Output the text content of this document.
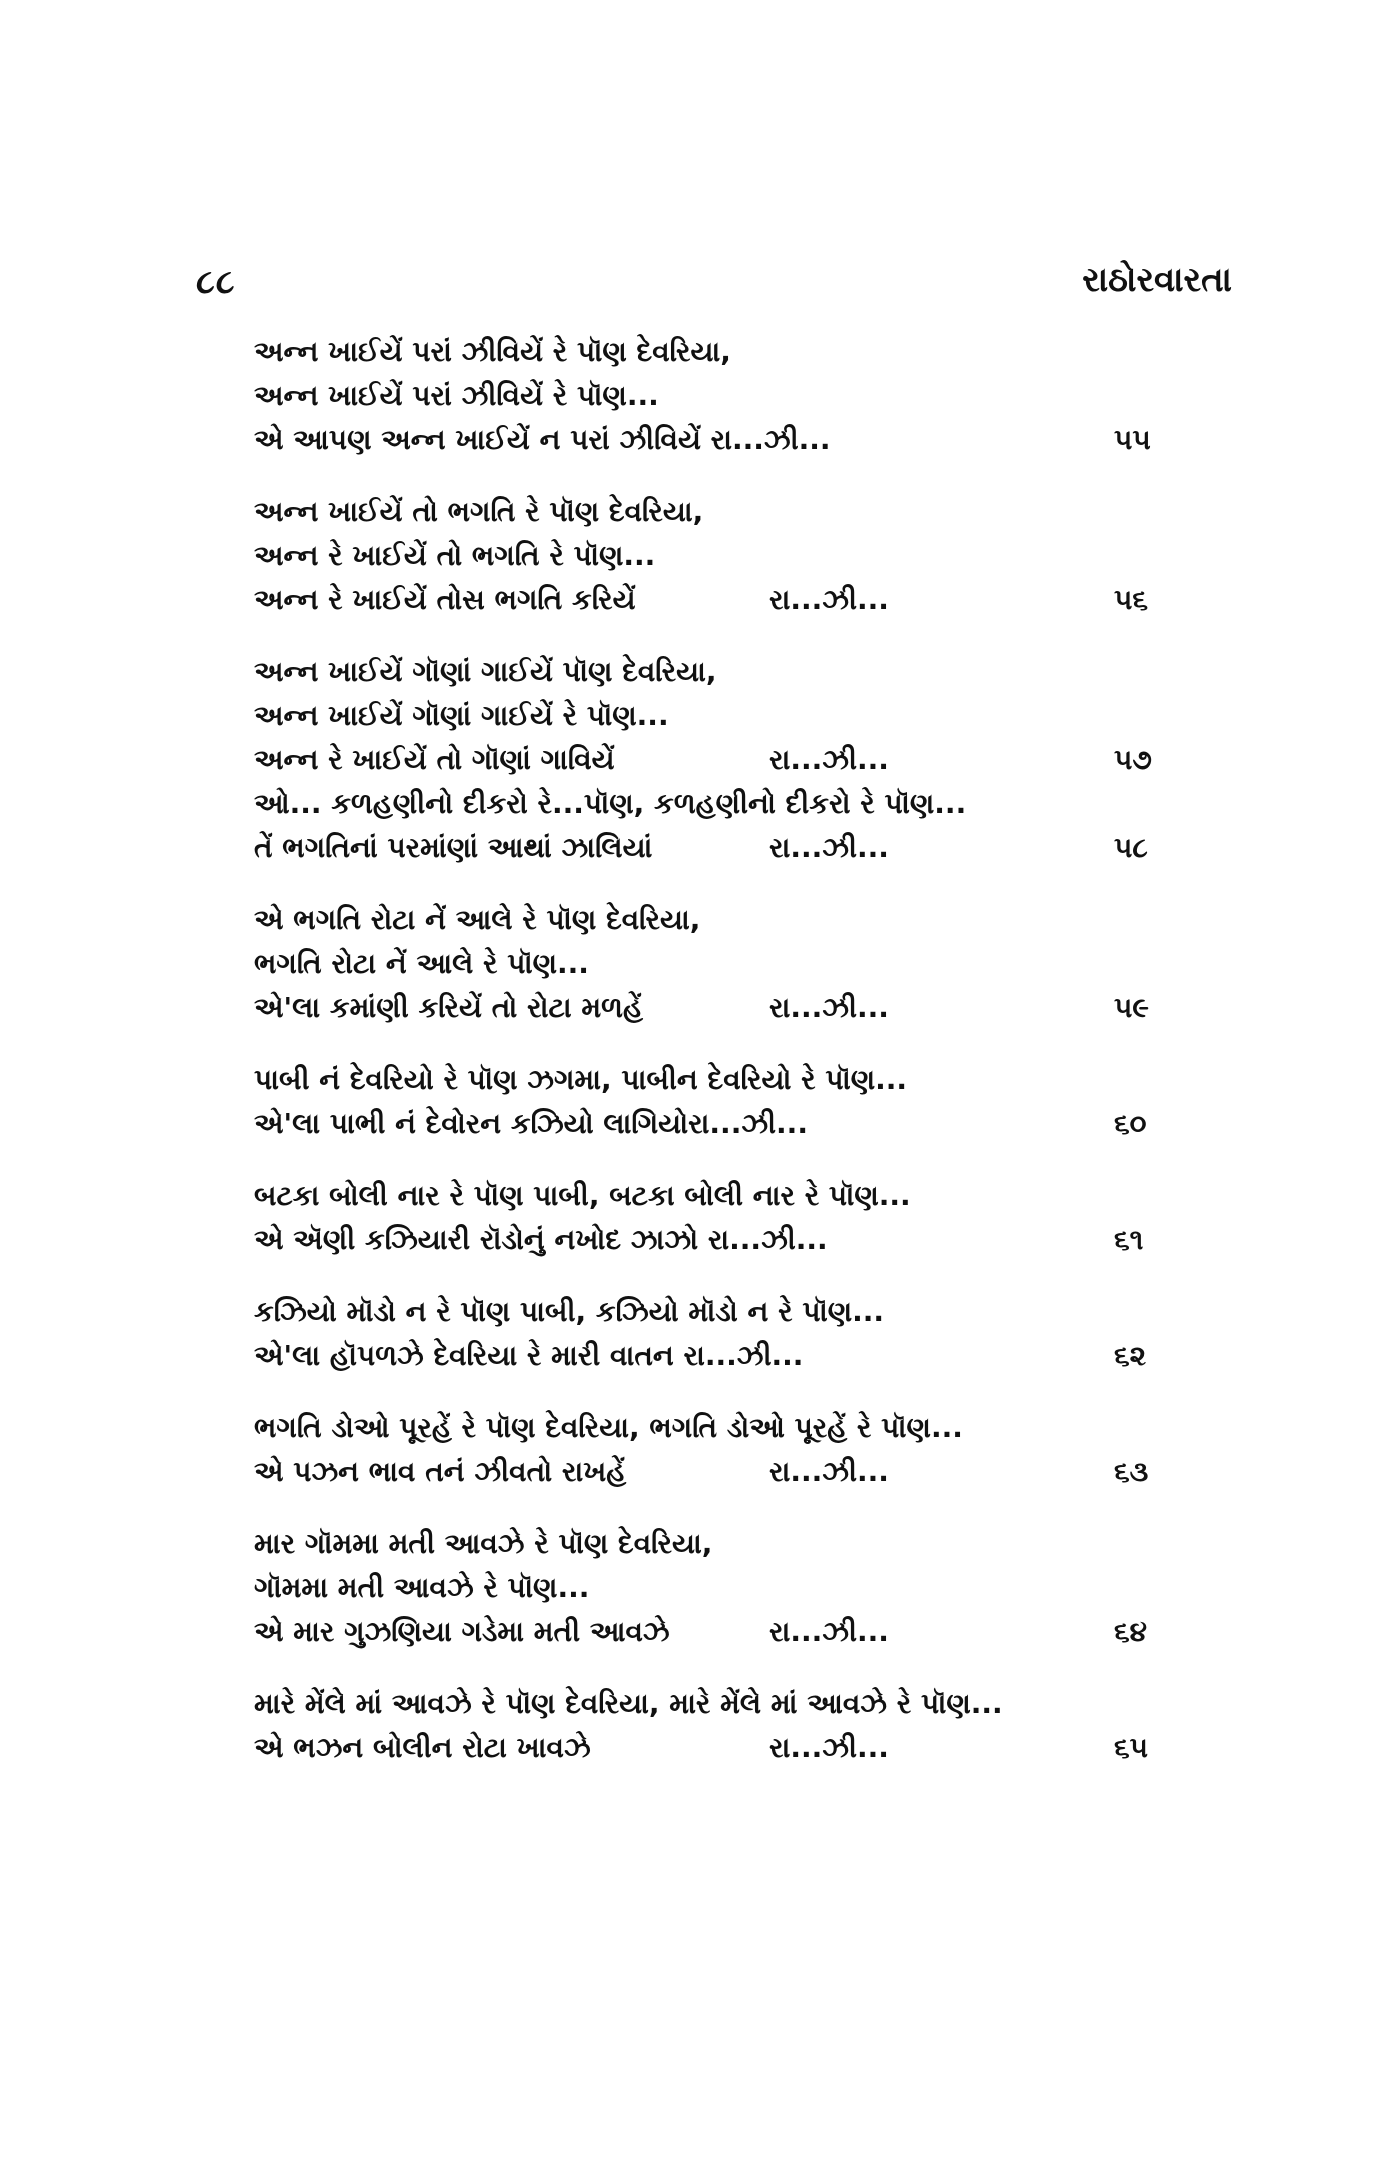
૮૮	રાઠોરવારતા
અન્ન ખાઈયેં પરાં ઝીવિયેં રે પૉણ દેવરિયા,
અન્ન ખાઈયેં પરાં ઝીવિયેં રે પૉણ...
એ આપણ અન્ન ખાઈયેં ન પરાં ઝીવિયેં રા...ઝી...	૫૫
અન્ન ખાઈયેં તો ભગતિ રે પૉણ દેવરિયા,
અન્ન રે ખાઈયેં તો ભગતિ રે પૉણ...
અન્ન રે ખાઈયેં તોસ ભગતિ કરિયેં	રા...ઝી...	૫૬
અન્ન ખાઈયેં ગૉણાં ગાઈયેં પૉણ દેવરિયા,
અન્ન ખાઈયેં ગૉણાં ગાઈયેં રે પૉણ...
અન્ન રે ખાઈયેં તો ગૉણાં ગાવિયેં	રા...ઝી...	૫૭
ઓ... કળહણીનો દીકરો રે...પૉણ, કળહણીનો દીકરો રે પૉણ...
તેં ભગતિનાં પરમાંણાં આથાં ઝાલિયાં	રા...ઝી...	૫૮
એ ભગતિ રોટા નેં આલે રે પૉણ દેવરિયા,
ભગતિ રોટા નેં આલે રે પૉણ...
એ'લા કમાંણી કરિયેં તો રોટા મળહેં	રા...ઝી...	૫૯
પાબી નં દેવરિયો રે પૉણ ઝગમા, પાબીન દેવરિયો રે પૉણ...
એ'લા પાભી નં દેવોરન કઝિયો લાગિયોરા...ઝી...	૬૦
બટકા બોલી નાર રે પૉણ પાબી, બટકા બોલી નાર રે પૉણ...
એ ઍણી કઝિયારી રૉડોનું નખોદ ઝાઝો રા...ઝી...	૬૧
કઝિયો મૉડો ન રે પૉણ પાબી, કઝિયો મૉડો ન રે પૉણ...
એ'લા હૉપળઝે દેવરિયા રે મારી વાતન રા...ઝી...	૬૨
ભગતિ ડોઓ પૂરહેં રે પૉણ દેવરિયા, ભગતિ ડોઓ પૂરહેં રે પૉણ...
એ પઝન ભાવ તનં ઝીવતો રાખહેં	રા...ઝી...	૬૩
માર ગૉમમા મતી આવઝે રે પૉણ દેવરિયા,
ગૉમમા મતી આવઝે રે પૉણ...
એ માર ગુઝણિયા ગડેમા મતી આવઝે	રા...ઝી...	૬૪
મારે મેંલે માં આવઝે રે પૉણ દેવરિયા, મારે મેંલે માં આવઝે રે પૉણ...
એ ભઝન બોલીન રોટા ખાવઝે	રા...ઝી...	૬૫
